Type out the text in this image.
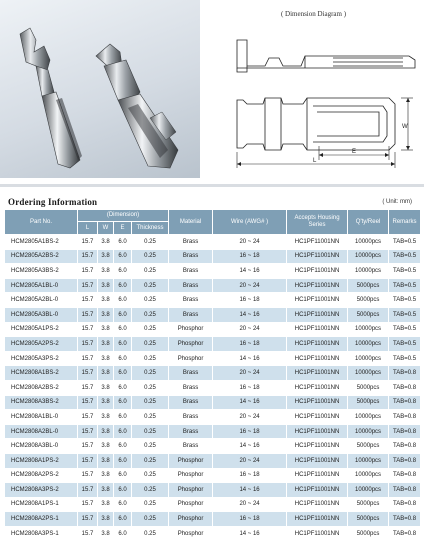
( Dimension Diagram )
W
E
L
Ordering Information	( Unit: mm)
Part No.	(Dimension)				Material	Wire (AWG# )	Accepts Housing Series	Q'ty/Reel	Remarks
	L	W	E	Thickness					
HCM2805A1BS-2	15.7	3.8	6.0	0.25	Brass	20 ~ 24	HC1PF11001NN	10000pcs	TAB=0.5
HCM2805A2BS-2	15.7	3.8	6.0	0.25	Brass	16 ~ 18	HC1PF11001NN	10000pcs	TAB=0.5
HCM2805A3BS-2	15.7	3.8	6.0	0.25	Brass	14 ~ 16	HC1PF11001NN	10000pcs	TAB=0.5
HCM2805A1BL-0	15.7	3.8	6.0	0.25	Brass	20 ~ 24	HC1PF11001NN	5000pcs	TAB=0.5
HCM2805A2BL-0	15.7	3.8	6.0	0.25	Brass	16 ~ 18	HC1PF11001NN	5000pcs	TAB=0.5
HCM2805A3BL-0	15.7	3.8	6.0	0.25	Brass	14 ~ 16	HC1PF11001NN	5000pcs	TAB=0.5
HCM2805A1PS-2	15.7	3.8	6.0	0.25	Phosphor	20 ~ 24	HC1PF11001NN	10000pcs	TAB=0.5
HCM2805A2PS-2	15.7	3.8	6.0	0.25	Phosphor	16 ~ 18	HC1PF11001NN	10000pcs	TAB=0.5
HCM2805A3PS-2	15.7	3.8	6.0	0.25	Phosphor	14 ~ 16	HC1PF11001NN	10000pcs	TAB=0.5
HCM2808A1BS-2	15.7	3.8	6.0	0.25	Brass	20 ~ 24	HC1PF11001NN	10000pcs	TAB=0.8
HCM2808A2BS-2	15.7	3.8	6.0	0.25	Brass	16 ~ 18	HC1PF11001NN	5000pcs	TAB=0.8
HCM2808A3BS-2	15.7	3.8	6.0	0.25	Brass	14 ~ 16	HC1PF11001NN	5000pcs	TAB=0.8
HCM2808A1BL-0	15.7	3.8	6.0	0.25	Brass	20 ~ 24	HC1PF11001NN	10000pcs	TAB=0.8
HCM2808A2BL-0	15.7	3.8	6.0	0.25	Brass	16 ~ 18	HC1PF11001NN	10000pcs	TAB=0.8
HCM2808A3BL-0	15.7	3.8	6.0	0.25	Brass	14 ~ 16	HC1PF11001NN	5000pcs	TAB=0.8
HCM2808A1PS-2	15.7	3.8	6.0	0.25	Phosphor	20 ~ 24	HC1PF11001NN	10000pcs	TAB=0.8
HCM2808A2PS-2	15.7	3.8	6.0	0.25	Phosphor	16 ~ 18	HC1PF11001NN	10000pcs	TAB=0.8
HCM2808A3PS-2	15.7	3.8	6.0	0.25	Phosphor	14 ~ 16	HC1PF11001NN	10000pcs	TAB=0.8
HCM2808A1PS-1	15.7	3.8	6.0	0.25	Phosphor	20 ~ 24	HC1PF11001NN	5000pcs	TAB=0.8
HCM2808A2PS-1	15.7	3.8	6.0	0.25	Phosphor	16 ~ 18	HC1PF11001NN	5000pcs	TAB=0.8
HCM2808A3PS-1	15.7	3.8	6.0	0.25	Phosphor	14 ~ 16	HC1PF11001NN	5000pcs	TAB=0.8
